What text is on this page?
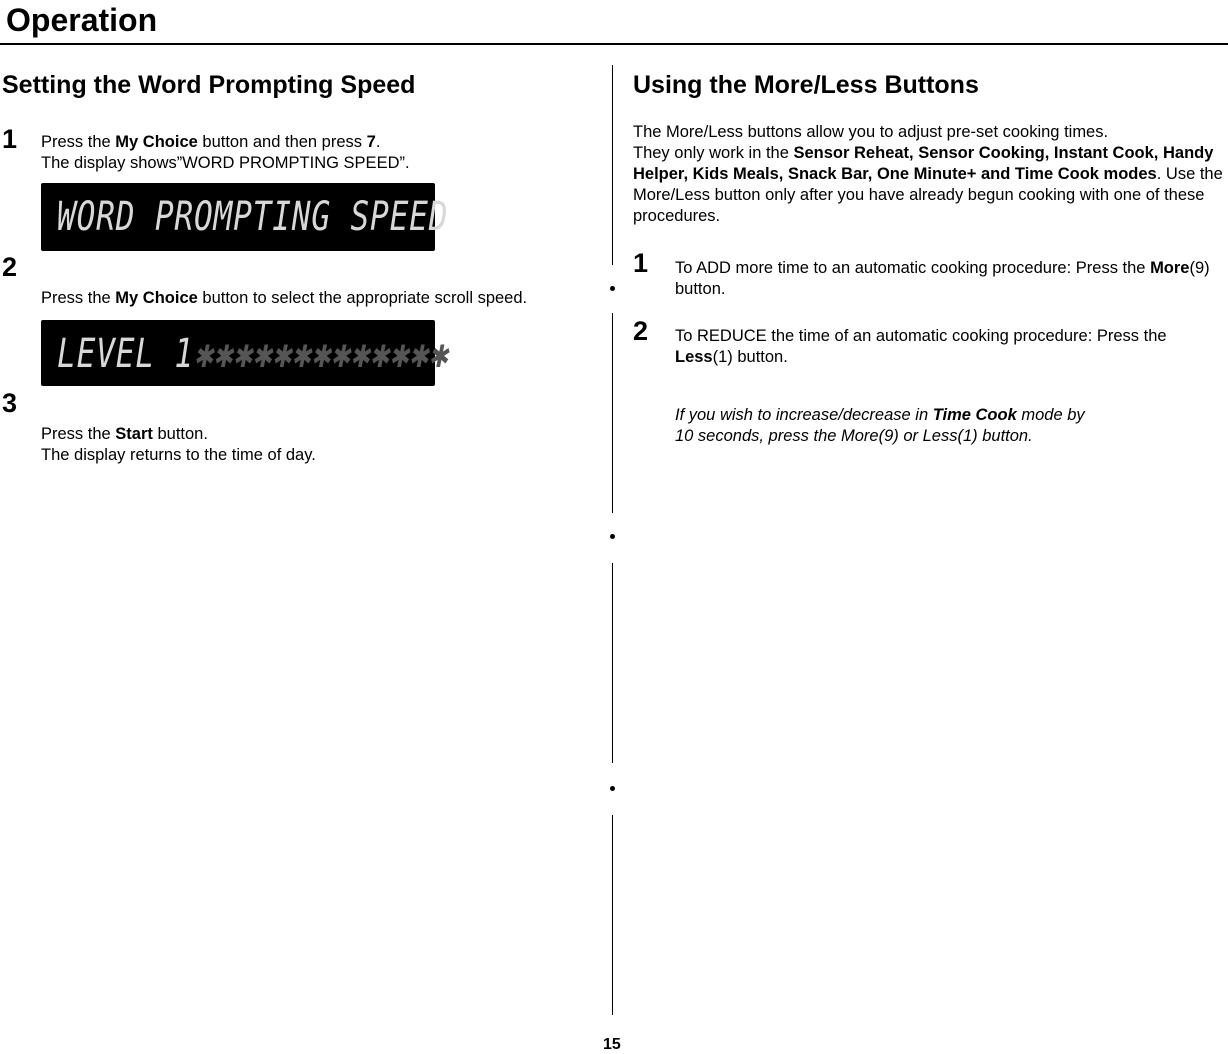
Operation
Setting the Word Prompting Speed
1 Press the My Choice button and then press 7.
The display shows”WORD PROMPTING SPEED”.
WORD PROMPTING SPEED
2
Press the My Choice button to select the appropriate scroll speed.
LEVEL 1✱✱✱✱✱✱✱✱✱✱✱✱✱
3
Press the Start button.
The display returns to the time of day.
Using the More/Less Buttons
The More/Less buttons allow you to adjust pre-set cooking times.
They only work in the Sensor Reheat, Sensor Cooking, Instant Cook, Handy Helper, Kids Meals, Snack Bar, One Minute+ and Time Cook modes. Use the More/Less button only after you have already begun cooking with one of these procedures.
1 To ADD more time to an automatic cooking procedure: Press the More(9) button.
2 To REDUCE the time of an automatic cooking procedure: Press the Less(1) button.
If you wish to increase/decrease in Time Cook mode by
10 seconds, press the More(9) or Less(1) button.
15
